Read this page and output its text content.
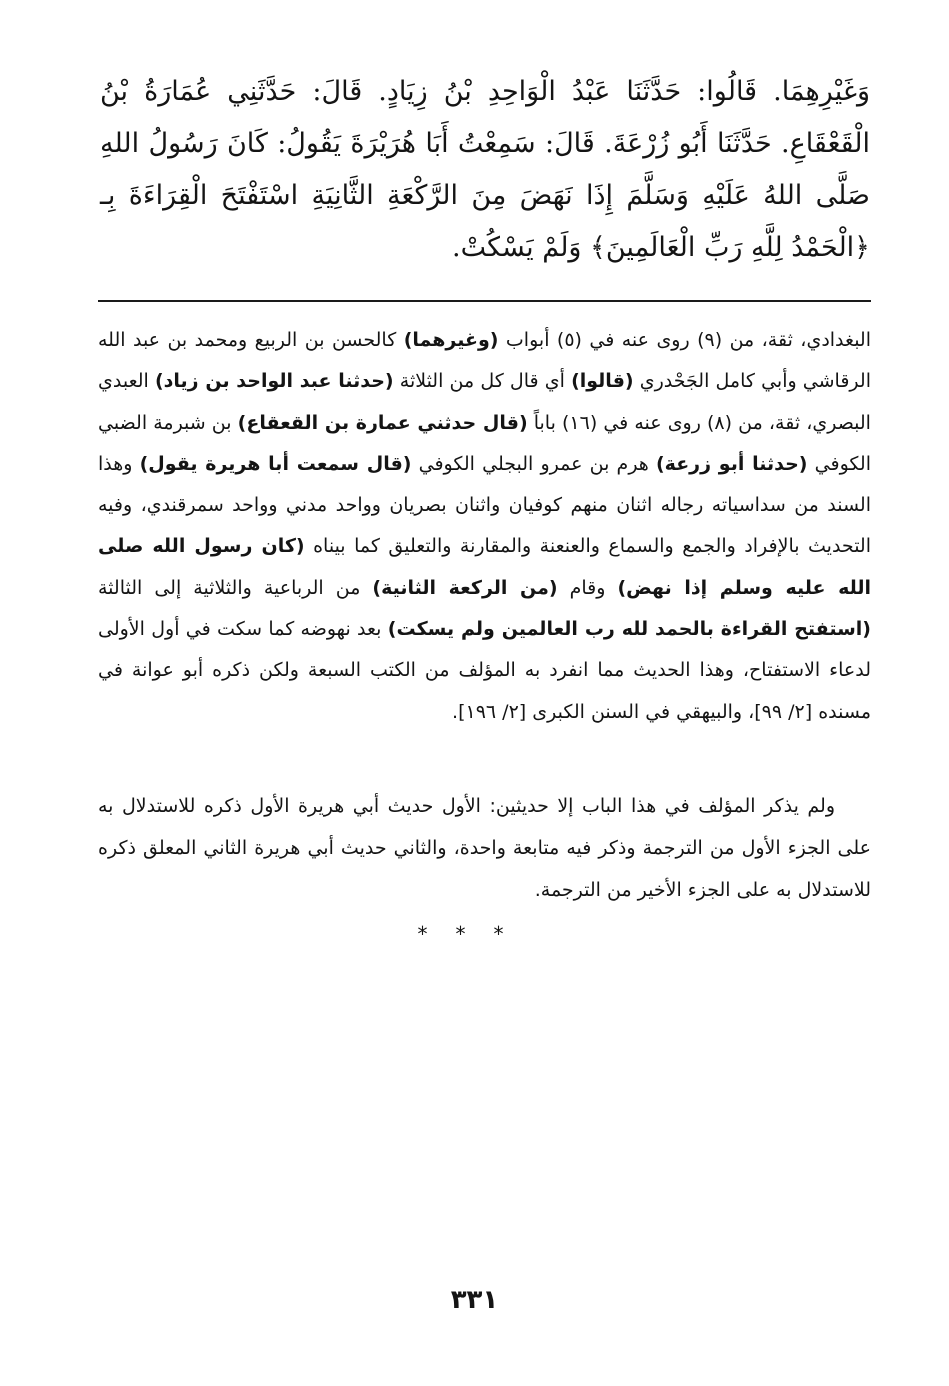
وَغَيْرِهِمَا. قَالُوا: حَدَّثَنَا عَبْدُ الْوَاحِدِ بْنُ زِيَادٍ. قَالَ: حَدَّثَنِي عُمَارَةُ بْنُ الْقَعْقَاعِ. حَدَّثَنَا أَبُو زُرْعَةَ. قَالَ: سَمِعْتُ أَبَا هُرَيْرَةَ يَقُولُ: كَانَ رَسُولُ اللهِ صَلَّى اللهُ عَلَيْهِ وَسَلَّمَ إِذَا نَهَضَ مِنَ الرَّكْعَةِ الثَّانِيَةِ اسْتَفْتَحَ الْقِرَاءَةَ بِـ ﴿الْحَمْدُ لِلَّهِ رَبِّ الْعَالَمِينَ﴾ وَلَمْ يَسْكُتْ.

البغدادي، ثقة، من (٩) روى عنه في (٥) أبواب (وغيرهما) كالحسن بن الربيع ومحمد بن عبد الله الرقاشي وأبي كامل الجَحْدري (قالوا) أي قال كل من الثلاثة (حدثنا عبد الواحد بن زياد) العبدي البصري، ثقة، من (٨) روى عنه في (١٦) باباً (قال حدثني عمارة بن القعقاع) بن شبرمة الضبي الكوفي (حدثنا أبو زرعة) هرم بن عمرو البجلي الكوفي (قال سمعت أبا هريرة يقول) وهذا السند من سداسياته رجاله اثنان منهم كوفيان واثنان بصريان وواحد مدني وواحد سمرقندي، وفيه التحديث بالإفراد والجمع والسماع والعنعنة والمقارنة والتعليق كما بيناه (كان رسول الله صلى الله عليه وسلم إذا نهض) وقام (من الركعة الثانية) من الرباعية والثلاثية إلى الثالثة (استفتح القراءة بالحمد لله رب العالمين ولم يسكت) بعد نهوضه كما سكت في أول الأولى لدعاء الاستفتاح، وهذا الحديث مما انفرد به المؤلف من الكتب السبعة ولكن ذكره أبو عوانة في مسنده [٢/ ٩٩]، والبيهقي في السنن الكبرى [٢/ ١٩٦].

ولم يذكر المؤلف في هذا الباب إلا حديثين: الأول حديث أبي هريرة الأول ذكره للاستدلال به على الجزء الأول من الترجمة وذكر فيه متابعة واحدة، والثاني حديث أبي هريرة الثاني المعلق ذكره للاستدلال به على الجزء الأخير من الترجمة.

***
٣٣١
